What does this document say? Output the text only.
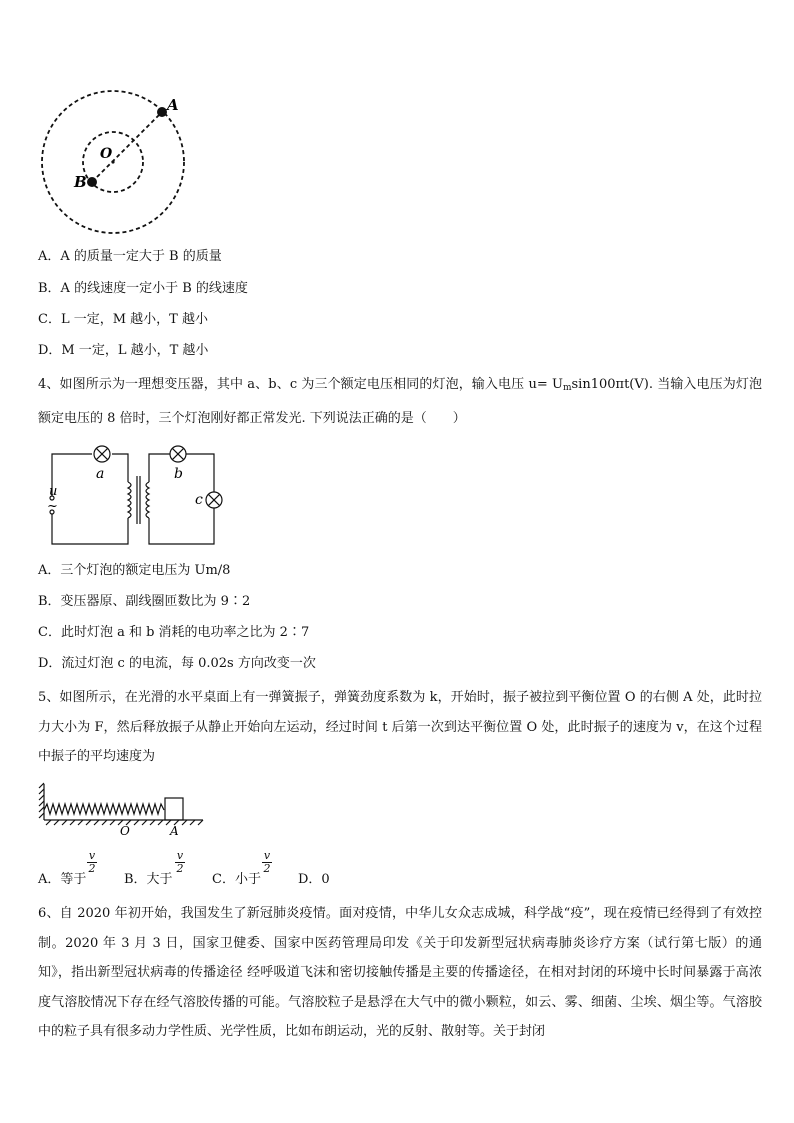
A
B
O
A．A 的质量一定大于 B 的质量
B．A 的线速度一定小于 B 的线速度
C．L 一定，M 越小，T 越小
D．M 一定，L 越小，T 越小
4、如图所示为一理想变压器，其中 a、b、c 为三个额定电压相同的灯泡，输入电压 $u= U_m\sin 100\pi t(V)$. 当输入电压为灯泡额定电压的 8 倍时，三个灯泡刚好都正常发光. 下列说法正确的是（　　）
a	b
c
u
~
A．三个灯泡的额定电压为 Um/8
B．变压器原、副线圈匝数比为 9∶2
C．此时灯泡 a 和 b 消耗的电功率之比为 2∶7
D．流过灯泡 c 的电流，每 0.02s 方向改变一次
5、如图所示，在光滑的水平桌面上有一弹簧振子，弹簧劲度系数为 k，开始时，振子被拉到平衡位置 O 的右侧 A 处，此时拉力大小为 F，然后释放振子从静止开始向左运动，经过时间 t 后第一次到达平衡位置 O 处，此时振子的速度为 v，在这个过程中振子的平均速度为
O	A
A．等于
v
2
B．大于
v
2
C．小于
v
2
D．0
6、自 2020 年初开始，我国发生了新冠肺炎疫情。面对疫情，中华儿女众志成城，科学战“疫”，现在疫情已经得到了有效控制。2020 年 3 月 3 日，国家卫健委、国家中医药管理局印发《关于印发新型冠状病毒肺炎诊疗方案（试行第七版）的通知》，指出新型冠状病毒的传播途径 经呼吸道飞沫和密切接触传播是主要的传播途径，在相对封闭的环境中长时间暴露于高浓度气溶胶情况下存在经气溶胶传播的可能。气溶胶粒子是悬浮在大气中的微小颗粒，如云、雾、细菌、尘埃、烟尘等。气溶胶中的粒子具有很多动力学性质、光学性质，比如布朗运动，光的反射、散射等。关于封闭
